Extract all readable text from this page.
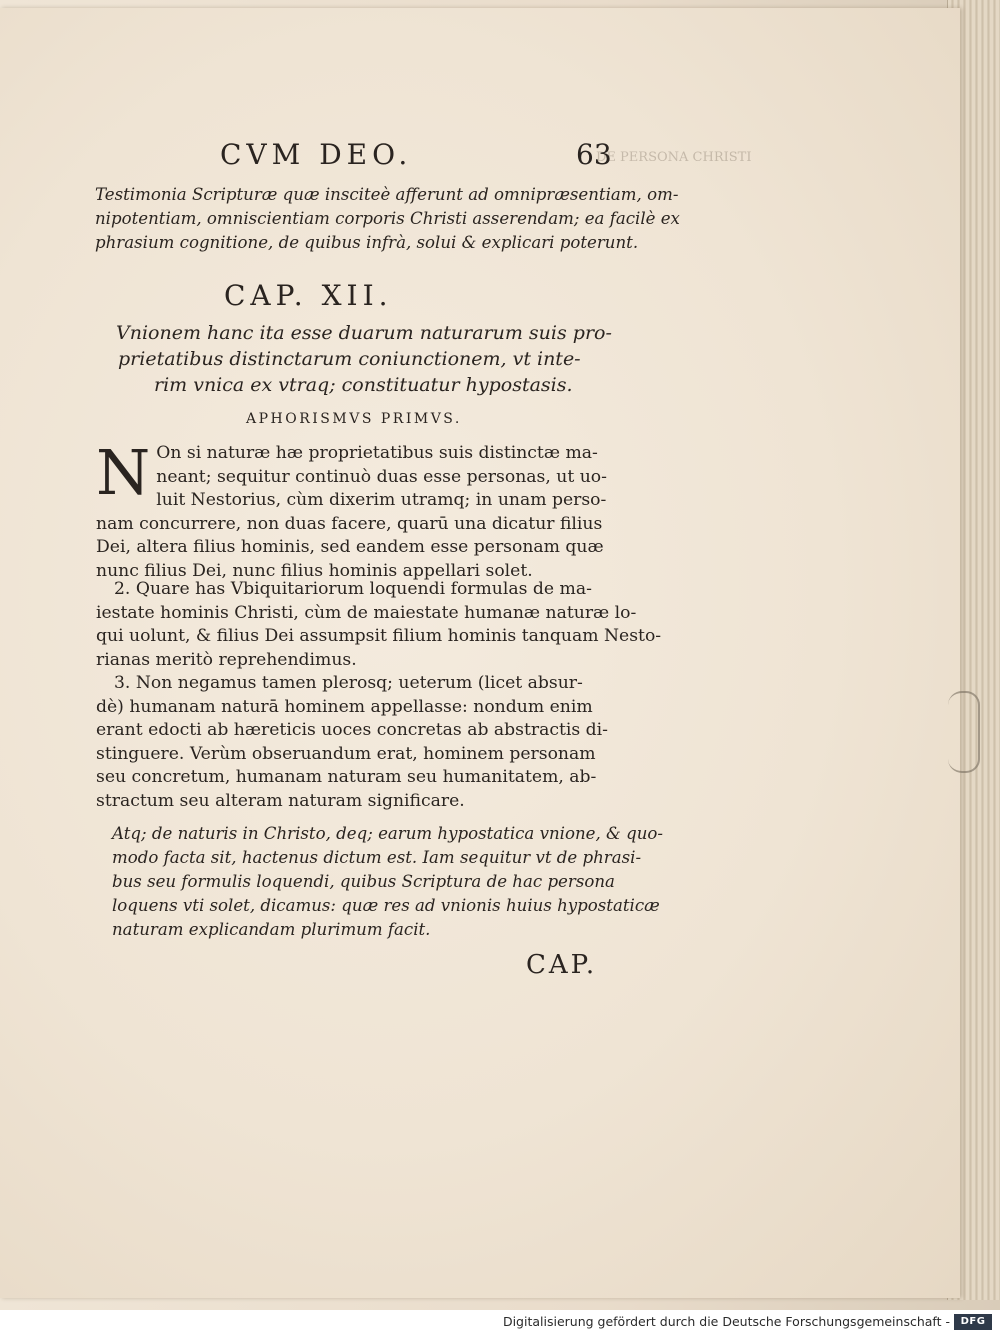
DE PERSONA CHRISTI
CVM DEO.	63
Testimonia Scripturæ quæ insciteè afferunt ad omnipræsentiam, om-
nipotentiam, omniscientiam corporis Christi asserendam; ea facilè ex
phrasium cognitione, de quibus infrà, solui & explicari poterunt.
CAP. XII.
Vnionem hanc ita esse duarum naturarum suis pro-
prietatibus distinctarum coniunctionem, vt inte-
rim vnica ex vtraq; constituatur hypostasis.
APHORISMVS PRIMVS.
N On si naturæ hæ proprietatibus suis distinctæ ma-
neant; sequitur continuò duas esse personas, ut uo-
luit Nestorius, cùm dixerim utramq; in unam perso-
nam concurrere, non duas facere, quarū una dicatur filius
Dei, altera filius hominis, sed eandem esse personam quæ
nunc filius Dei, nunc filius hominis appellari solet.
2. Quare has Vbiquitariorum loquendi formulas de ma-
iestate hominis Christi, cùm de maiestate humanæ naturæ lo-
qui uolunt, & filius Dei assumpsit filium hominis tanquam Nesto-
rianas meritò reprehendimus.
3. Non negamus tamen plerosq; ueterum (licet absur-
dè) humanam naturā hominem appellasse: nondum enim
erant edocti ab hæreticis uoces concretas ab abstractis di-
stinguere. Verùm obseruandum erat, hominem personam
seu concretum, humanam naturam seu humanitatem, ab-
stractum seu alteram naturam significare.
Atq; de naturis in Christo, deq; earum hypostatica vnione, & quo-
modo facta sit, hactenus dictum est. Iam sequitur vt de phrasi-
bus seu formulis loquendi, quibus Scriptura de hac persona
loquens vti solet, dicamus: quæ res ad vnionis huius hypostaticæ
naturam explicandam plurimum facit.
CAP.
Digitalisierung gefördert durch die Deutsche Forschungsgemeinschaft -	DFG
